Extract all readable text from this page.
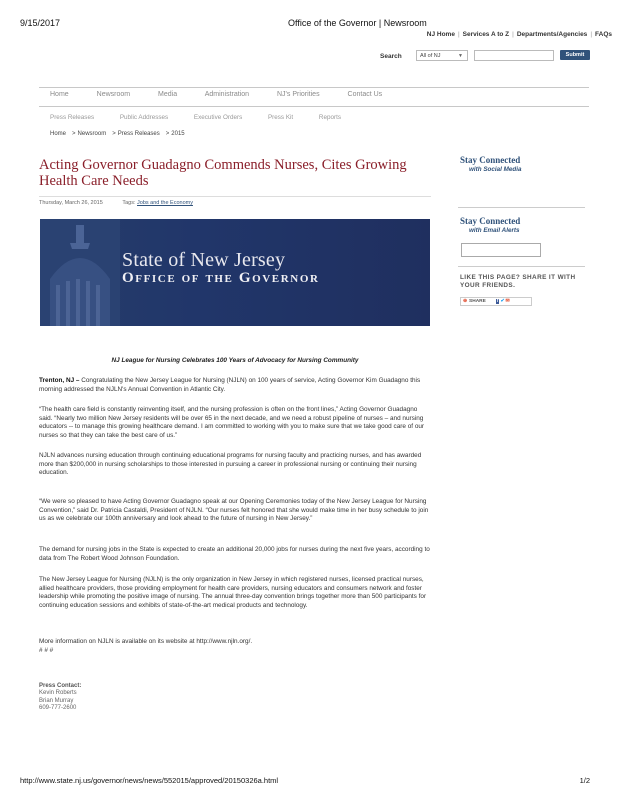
9/15/2017	Office of the Governor | Newsroom
NJ Home | Services A to Z | Departments/Agencies | FAQs
Search	All of NJ	▼	Submit
Home	Newsroom	Media	Administration	NJ's Priorities	Contact Us
Press Releases	Public Addresses	Executive Orders	Press Kit	Reports
Home > Newsroom > Press Releases > 2015
Acting Governor Guadagno Commends Nurses, Cites Growing Health Care Needs
Thursday, March 26, 2015	Tags: Jobs and the Economy
State of New Jersey
Office of the Governor
NJ League for Nursing Celebrates 100 Years of Advocacy for Nursing Community
Trenton, NJ – Congratulating the New Jersey League for Nursing (NJLN) on 100 years of service, Acting Governor Kim Guadagno this morning addressed the NJLN's Annual Convention in Atlantic City.
“The health care field is constantly reinventing itself, and the nursing profession is often on the front lines,” Acting Governor Guadagno said. “Nearly two million New Jersey residents will be over 65 in the next decade, and we need a robust pipeline of nurses – and nursing educators -- to manage this growing healthcare demand. I am committed to working with you to make sure that we take good care of our nurses so that they can take the best care of us.”
NJLN advances nursing education through continuing educational programs for nursing faculty and practicing nurses, and has awarded more than $200,000 in nursing scholarships to those interested in pursuing a career in professional nursing or continuing their nursing education.
“We were so pleased to have Acting Governor Guadagno speak at our Opening Ceremonies today of the New Jersey League for Nursing Convention,” said Dr. Patricia Castaldi, President of NJLN. “Our nurses felt honored that she would make time in her busy schedule to join us as we celebrate our 100th anniversary and look ahead to the future of nursing in New Jersey.”
The demand for nursing jobs in the State is expected to create an additional 20,000 jobs for nurses during the next five years, according to data from The Robert Wood Johnson Foundation.
The New Jersey League for Nursing (NJLN) is the only organization in New Jersey in which registered nurses, licensed practical nurses, allied healthcare providers, those providing employment for health care providers, nursing educators and consumers network and foster leadership while promoting the positive image of nursing. The annual three-day convention brings together more than 500 participants for continuing education sessions and exhibits of state-of-the-art medical products and technology.
More information on NJLN is available on its website at http://www.njln.org/.
# # #
Press Contact:
Kevin Roberts
Brian Murray
609-777-2600
Stay Connected
with Social Media
Stay Connected
with Email Alerts
LIKE THIS PAGE? SHARE IT WITH YOUR FRIENDS.
⊕ SHARE f ✔✉
http://www.state.nj.us/governor/news/news/552015/approved/20150326a.html	1/2
